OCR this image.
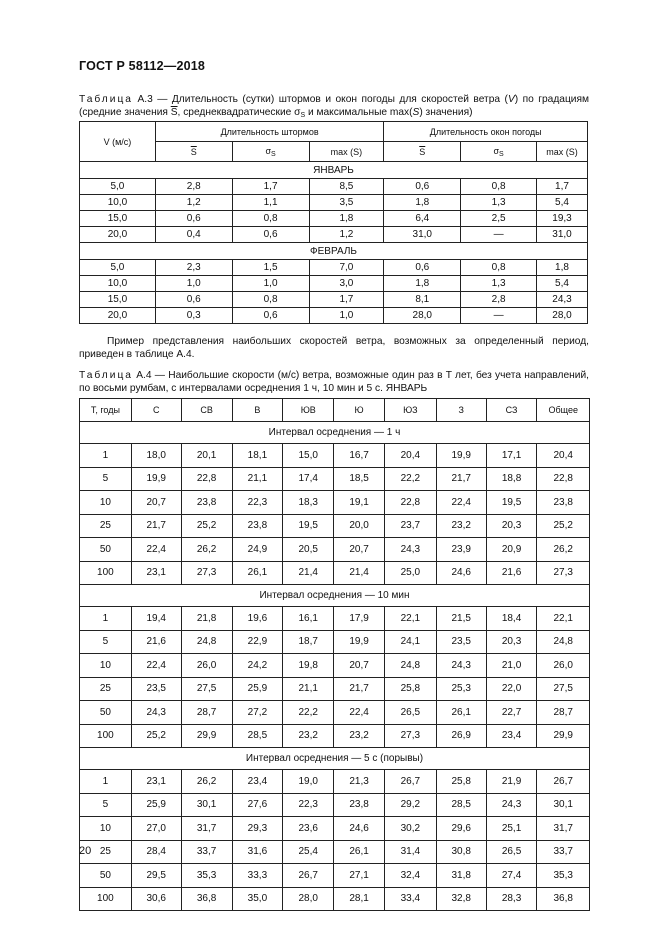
ГОСТ Р 58112—2018
Таблица А.3 — Длительность (сутки) штормов и окон погоды для скоростей ветра (V) по градациям (средние значения $\overline{S}$, среднеквадратические $\sigma_S$ и максимальные max(S) значения)
V (м/с)	Длительность штормов			Длительность окон погоды		
	$\overline{S}$	$\sigma_S$	max (S)	$\overline{S}$	$\sigma_S$	max (S)
ЯНВАРЬ						
5,0	2,8	1,7	8,5	0,6	0,8	1,7
10,0	1,2	1,1	3,5	1,8	1,3	5,4
15,0	0,6	0,8	1,8	6,4	2,5	19,3
20,0	0,4	0,6	1,2	31,0	—	31,0
ФЕВРАЛЬ						
5,0	2,3	1,5	7,0	0,6	0,8	1,8
10,0	1,0	1,0	3,0	1,8	1,3	5,4
15,0	0,6	0,8	1,7	8,1	2,8	24,3
20,0	0,3	0,6	1,0	28,0	—	28,0
Пример представления наибольших скоростей ветра, возможных за определенный период, приведен в таблице А.4.
Таблица А.4 — Наибольшие скорости (м/с) ветра, возможные один раз в T лет, без учета направлений, по восьми румбам, с интервалами осреднения 1 ч, 10 мин и 5 с. ЯНВАРЬ
T, годы	С	СВ	В	ЮВ	Ю	ЮЗ	З	СЗ	Общее
Интервал осреднения — 1 ч									
1	18,0	20,1	18,1	15,0	16,7	20,4	19,9	17,1	20,4
5	19,9	22,8	21,1	17,4	18,5	22,2	21,7	18,8	22,8
10	20,7	23,8	22,3	18,3	19,1	22,8	22,4	19,5	23,8
25	21,7	25,2	23,8	19,5	20,0	23,7	23,2	20,3	25,2
50	22,4	26,2	24,9	20,5	20,7	24,3	23,9	20,9	26,2
100	23,1	27,3	26,1	21,4	21,4	25,0	24,6	21,6	27,3
Интервал осреднения — 10 мин									
1	19,4	21,8	19,6	16,1	17,9	22,1	21,5	18,4	22,1
5	21,6	24,8	22,9	18,7	19,9	24,1	23,5	20,3	24,8
10	22,4	26,0	24,2	19,8	20,7	24,8	24,3	21,0	26,0
25	23,5	27,5	25,9	21,1	21,7	25,8	25,3	22,0	27,5
50	24,3	28,7	27,2	22,2	22,4	26,5	26,1	22,7	28,7
100	25,2	29,9	28,5	23,2	23,2	27,3	26,9	23,4	29,9
Интервал осреднения — 5 с (порывы)									
1	23,1	26,2	23,4	19,0	21,3	26,7	25,8	21,9	26,7
5	25,9	30,1	27,6	22,3	23,8	29,2	28,5	24,3	30,1
10	27,0	31,7	29,3	23,6	24,6	30,2	29,6	25,1	31,7
25	28,4	33,7	31,6	25,4	26,1	31,4	30,8	26,5	33,7
50	29,5	35,3	33,3	26,7	27,1	32,4	31,8	27,4	35,3
100	30,6	36,8	35,0	28,0	28,1	33,4	32,8	28,3	36,8
20
